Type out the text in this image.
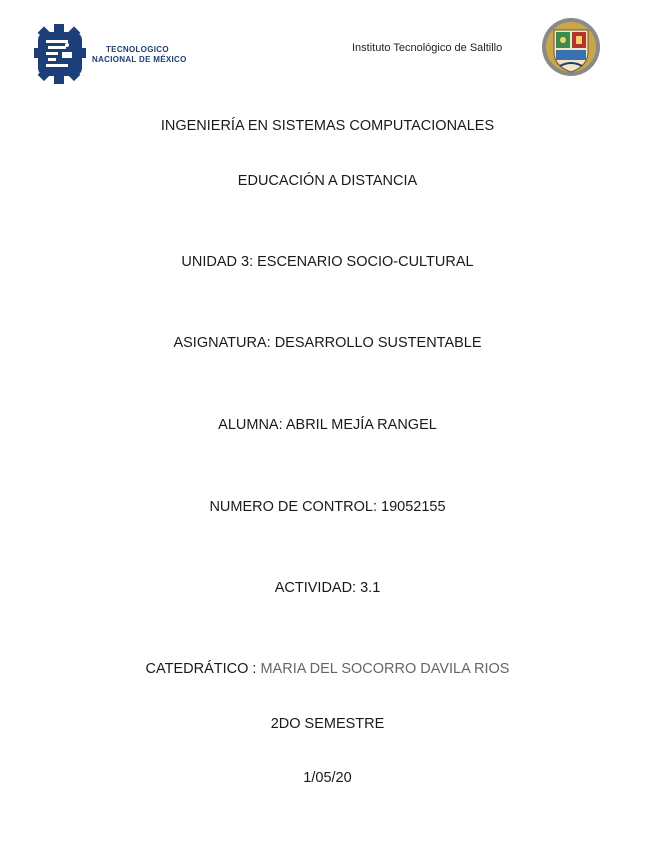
TECNOLOGICO
NACIONAL DE MÉXICO
Instituto Tecnológico de Saltillo
INGENIERÍA EN SISTEMAS COMPUTACIONALES
EDUCACIÓN A DISTANCIA
UNIDAD 3: ESCENARIO SOCIO-CULTURAL
ASIGNATURA: DESARROLLO SUSTENTABLE
ALUMNA: ABRIL MEJÍA RANGEL
NUMERO DE CONTROL: 19052155
ACTIVIDAD: 3.1
CATEDRÁTICO : MARIA DEL SOCORRO DAVILA RIOS
2DO SEMESTRE
1/05/20
